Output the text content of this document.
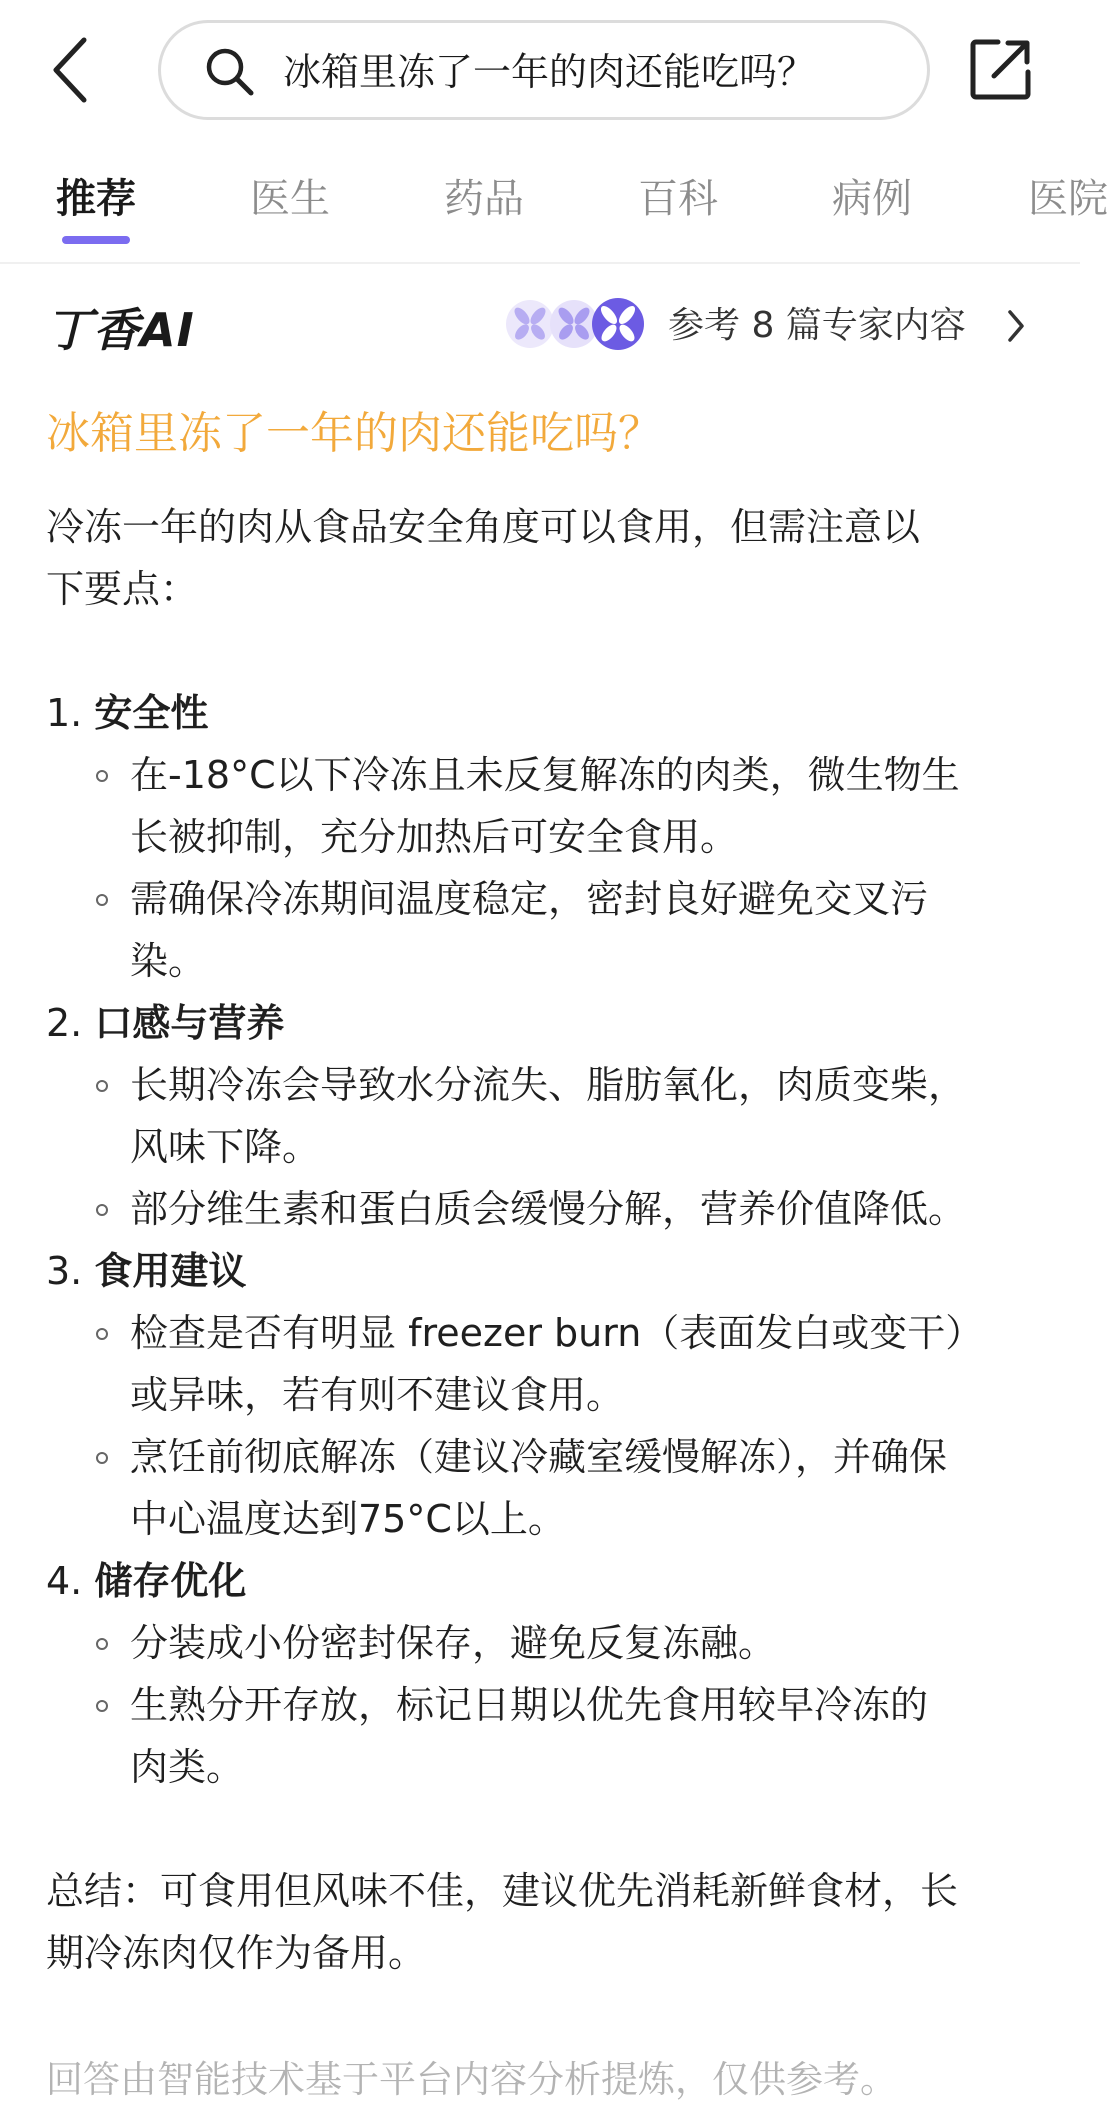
冰箱里冻了一年的肉还能吃吗？
推荐	医生	药品	百科	病例	医院
丁香AI	参考 8 篇专家内容
冰箱里冻了一年的肉还能吃吗？

冷冻一年的肉从食品安全角度可以食用，但需注意以

下要点：

1. 安全性

在-18°C以下冷冻且未反复解冻的肉类，微生物生
长被抑制，充分加热后可安全食用。
需确保冷冻期间温度稳定，密封良好避免交叉污
染。

2. 口感与营养

长期冷冻会导致水分流失、脂肪氧化，肉质变柴，
风味下降。
部分维生素和蛋白质会缓慢分解，营养价值降低。

3. 食用建议

检查是否有明显 freezer burn（表面发白或变干）
或异味，若有则不建议食用。
烹饪前彻底解冻（建议冷藏室缓慢解冻），并确保
中心温度达到75°C以上。

4. 储存优化

分装成小份密封保存，避免反复冻融。
生熟分开存放，标记日期以优先食用较早冷冻的
肉类。

总结：可食用但风味不佳，建议优先消耗新鲜食材，长

期冷冻肉仅作为备用。

回答由智能技术基于平台内容分析提炼，仅供参考。
